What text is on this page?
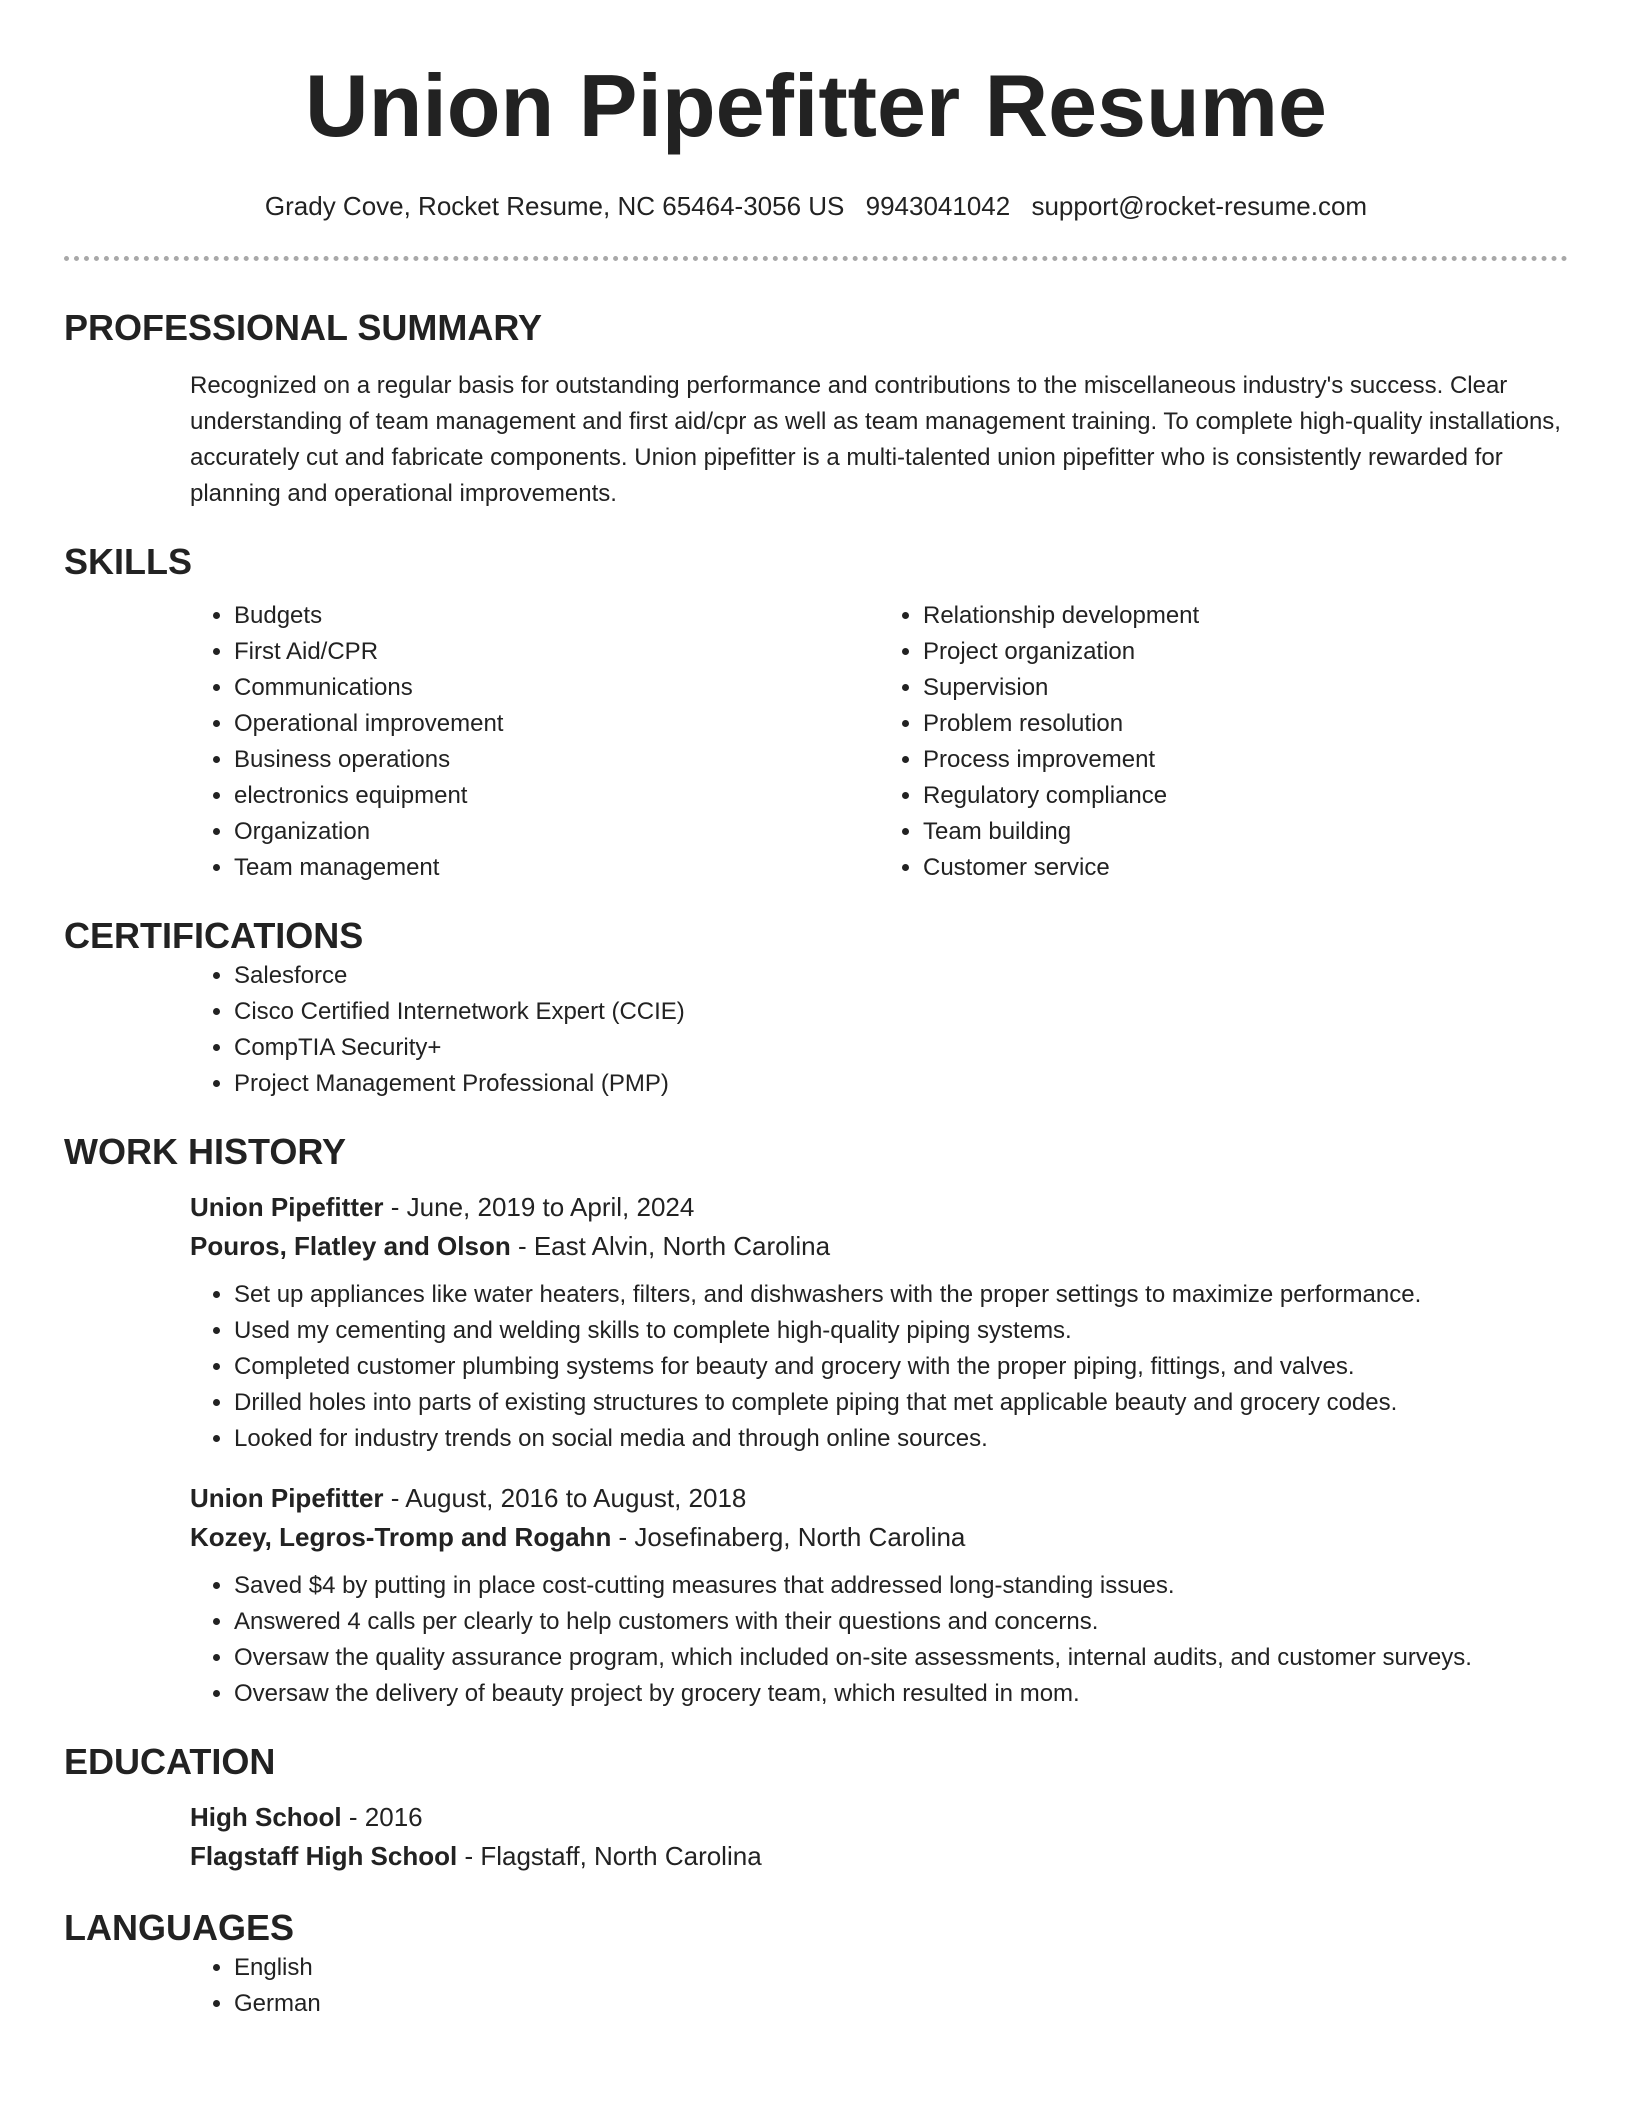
Union Pipefitter Resume
Grady Cove, Rocket Resume, NC 65464-3056 US 9943041042 support@rocket-resume.com
PROFESSIONAL SUMMARY

Recognized on a regular basis for outstanding performance and contributions to the miscellaneous industry's success. Clear understanding of team management and first aid/cpr as well as team management training. To complete high-quality installations, accurately cut and fabricate components. Union pipefitter is a multi-talented union pipefitter who is consistently rewarded for planning and operational improvements.

SKILLS
• Budgets
• First Aid/CPR
• Communications
• Operational improvement
• Business operations
• electronics equipment
• Organization
• Team management
• Relationship development
• Project organization
• Supervision
• Problem resolution
• Process improvement
• Regulatory compliance
• Team building
• Customer service
CERTIFICATIONS
• Salesforce
• Cisco Certified Internetwork Expert (CCIE)
• CompTIA Security+
• Project Management Professional (PMP)
WORK HISTORY
Union Pipefitter - June, 2019 to April, 2024
Pouros, Flatley and Olson - East Alvin, North Carolina
• Set up appliances like water heaters, filters, and dishwashers with the proper settings to maximize performance.
• Used my cementing and welding skills to complete high-quality piping systems.
• Completed customer plumbing systems for beauty and grocery with the proper piping, fittings, and valves.
• Drilled holes into parts of existing structures to complete piping that met applicable beauty and grocery codes.
• Looked for industry trends on social media and through online sources.
Union Pipefitter - August, 2016 to August, 2018
Kozey, Legros-Tromp and Rogahn - Josefinaberg, North Carolina
• Saved $4 by putting in place cost-cutting measures that addressed long-standing issues.
• Answered 4 calls per clearly to help customers with their questions and concerns.
• Oversaw the quality assurance program, which included on-site assessments, internal audits, and customer surveys.
• Oversaw the delivery of beauty project by grocery team, which resulted in mom.
EDUCATION
High School - 2016
Flagstaff High School - Flagstaff, North Carolina
LANGUAGES
• English
• German
